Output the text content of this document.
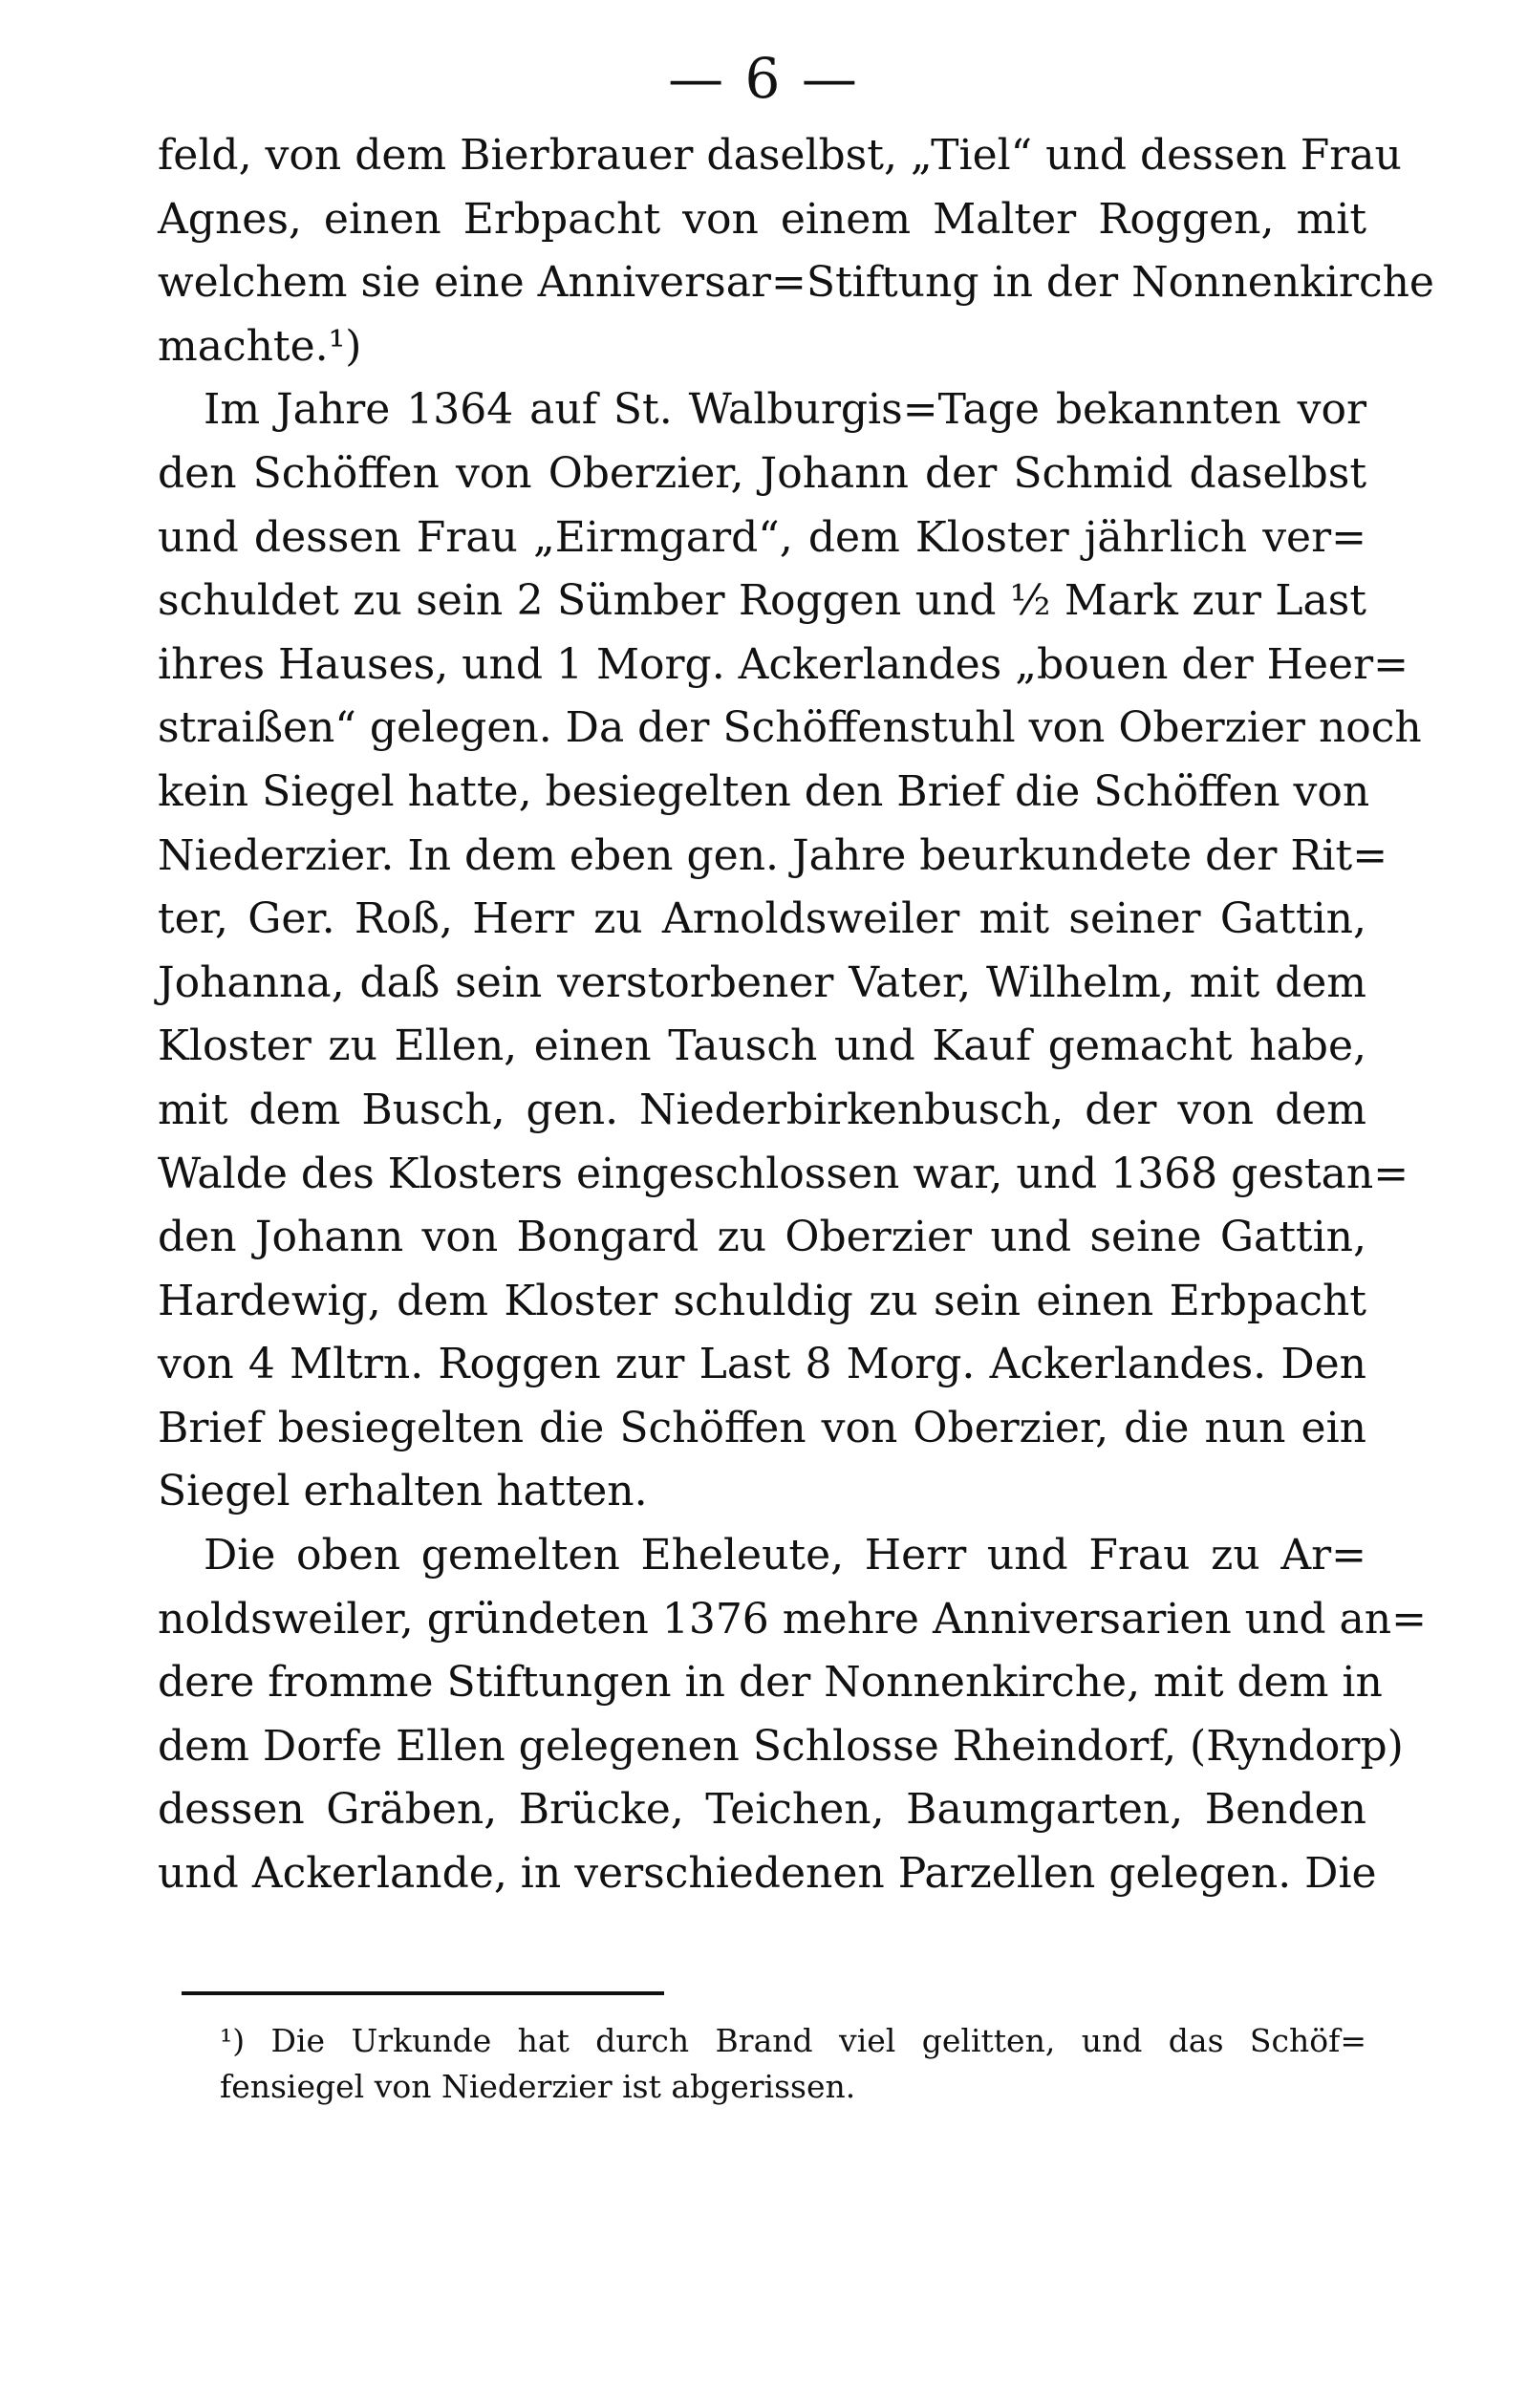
— 6 —
feld, von dem Bierbrauer daselbst, „Tiel“ und dessen Frau
Agnes, einen Erbpacht von einem Malter Roggen, mit
welchem sie eine Anniversar=Stiftung in der Nonnenkirche
machte.¹)
Im Jahre 1364 auf St. Walburgis=Tage bekannten vor
den Schöffen von Oberzier, Johann der Schmid daselbst
und dessen Frau „Eirmgard“, dem Kloster jährlich ver=
schuldet zu sein 2 Sümber Roggen und ½ Mark zur Last
ihres Hauses, und 1 Morg. Ackerlandes „bouen der Heer=
straißen“ gelegen. Da der Schöffenstuhl von Oberzier noch
kein Siegel hatte, besiegelten den Brief die Schöffen von
Niederzier. In dem eben gen. Jahre beurkundete der Rit=
ter, Ger. Roß, Herr zu Arnoldsweiler mit seiner Gattin,
Johanna, daß sein verstorbener Vater, Wilhelm, mit dem
Kloster zu Ellen, einen Tausch und Kauf gemacht habe,
mit dem Busch, gen. Niederbirkenbusch, der von dem
Walde des Klosters eingeschlossen war, und 1368 gestan=
den Johann von Bongard zu Oberzier und seine Gattin,
Hardewig, dem Kloster schuldig zu sein einen Erbpacht
von 4 Mltrn. Roggen zur Last 8 Morg. Ackerlandes. Den
Brief besiegelten die Schöffen von Oberzier, die nun ein
Siegel erhalten hatten.
Die oben gemelten Eheleute, Herr und Frau zu Ar=
noldsweiler, gründeten 1376 mehre Anniversarien und an=
dere fromme Stiftungen in der Nonnenkirche, mit dem in
dem Dorfe Ellen gelegenen Schlosse Rheindorf, (Ryndorp)
dessen Gräben, Brücke, Teichen, Baumgarten, Benden
und Ackerlande, in verschiedenen Parzellen gelegen. Die
¹) Die Urkunde hat durch Brand viel gelitten, und das Schöf=
fensiegel von Niederzier ist abgerissen.
